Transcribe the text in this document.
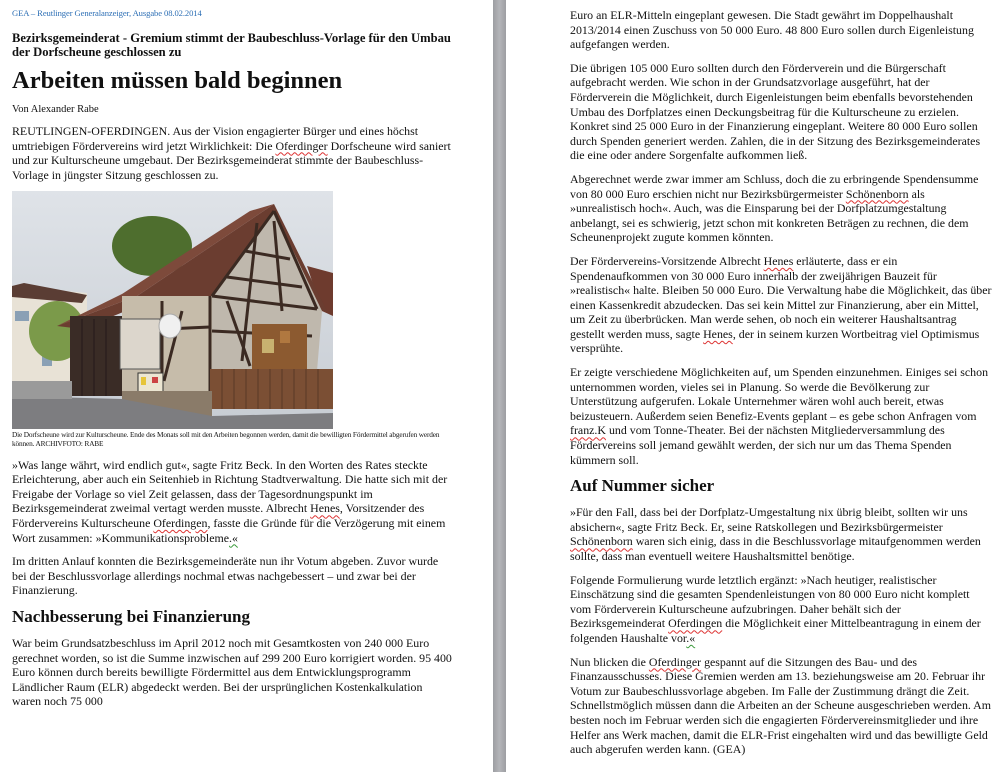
GEA – Reutlinger Generalanzeiger, Ausgabe 08.02.2014
Bezirksgemeinderat - Gremium stimmt der Baubeschluss-Vorlage für den Umbau der Dorfscheune geschlossen zu
Arbeiten müssen bald beginnen
Von Alexander Rabe

REUTLINGEN-OFERDINGEN. Aus der Vision engagierter Bürger und eines höchst umtriebigen Fördervereins wird jetzt Wirklichkeit: Die Oferdinger Dorfscheune wird saniert und zur Kulturscheune umgebaut. Der Bezirksgemeinderat stimmte der Baubeschluss-Vorlage in jüngster Sitzung geschlossen zu.

Die Dorfscheune wird zur Kulturscheune. Ende des Monats soll mit den Arbeiten begonnen werden, damit die bewilligten Fördermittel abgerufen werden können. ARCHIVFOTO: RABE

»Was lange währt, wird endlich gut«, sagte Fritz Beck. In den Worten des Rates steckte Erleichterung, aber auch ein Seitenhieb in Richtung Stadtverwaltung. Die hatte sich mit der Freigabe der Vorlage so viel Zeit gelassen, dass der Tagesordnungspunkt im Bezirksgemeinderat zweimal vertagt werden musste. Albrecht Henes, Vorsitzender des Fördervereins Kulturscheune Oferdingen, fasste die Gründe für die Verzögerung mit einem Wort zusammen: »Kommunikationsprobleme.«

Im dritten Anlauf konnten die Bezirksgemeinderäte nun ihr Votum abgeben. Zuvor wurde bei der Beschlussvorlage allerdings nochmal etwas nachgebessert – und zwar bei der Finanzierung.

Nachbesserung bei Finanzierung

War beim Grundsatzbeschluss im April 2012 noch mit Gesamtkosten von 240 000 Euro gerechnet worden, so ist die Summe inzwischen auf 299 200 Euro korrigiert worden. 95 400 Euro können durch bereits bewilligte Fördermittel aus dem Entwicklungsprogramm Ländlicher Raum (ELR) abgedeckt werden. Bei der ursprünglichen Kostenkalkulation waren noch 75 000

Euro an ELR-Mitteln eingeplant gewesen. Die Stadt gewährt im Doppelhaushalt 2013/2014 einen Zuschuss von 50 000 Euro. 48 800 Euro sollen durch Eigenleistung aufgefangen werden.

Die übrigen 105 000 Euro sollten durch den Förderverein und die Bürgerschaft aufgebracht werden. Wie schon in der Grundsatzvorlage ausgeführt, hat der Förderverein die Möglichkeit, durch Eigenleistungen beim ebenfalls bevorstehenden Umbau des Dorfplatzes einen Deckungsbeitrag für die Kulturscheune zu erzielen. Konkret sind 25 000 Euro in der Finanzierung eingeplant. Weitere 80 000 Euro sollen durch Spenden generiert werden. Zahlen, die in der Sitzung des Bezirksgemeinderates die eine oder andere Sorgenfalte aufkommen ließ.

Abgerechnet werde zwar immer am Schluss, doch die zu erbringende Spendensumme von 80 000 Euro erschien nicht nur Bezirksbürgermeister Schönenborn als »unrealistisch hoch«. Auch, was die Einsparung bei der Dorfplatzumgestaltung anbelangt, sei es schwierig, jetzt schon mit konkreten Beträgen zu rechnen, die dem Scheunenprojekt zugute kommen könnten.

Der Fördervereins-Vorsitzende Albrecht Henes erläuterte, dass er ein Spendenaufkommen von 30 000 Euro innerhalb der zweijährigen Bauzeit für »realistisch« halte. Bleiben 50 000 Euro. Die Verwaltung habe die Möglichkeit, das über einen Kassenkredit abzudecken. Das sei kein Mittel zur Finanzierung, aber ein Mittel, um Zeit zu überbrücken. Man werde sehen, ob noch ein weiterer Haushaltsantrag gestellt werden muss, sagte Henes, der in seinem kurzen Wortbeitrag viel Optimismus versprühte.

Er zeigte verschiedene Möglichkeiten auf, um Spenden einzunehmen. Einiges sei schon unternommen worden, vieles sei in Planung. So werde die Bevölkerung zur Unterstützung aufgerufen. Lokale Unternehmer wären wohl auch bereit, etwas beizusteuern. Außerdem seien Benefiz-Events geplant – es gebe schon Anfragen vom franz.K und vom Tonne-Theater. Bei der nächsten Mitgliederversammlung des Fördervereins soll jemand gewählt werden, der sich nur um das Thema Spenden kümmern soll.

Auf Nummer sicher

»Für den Fall, dass bei der Dorfplatz-Umgestaltung nix übrig bleibt, sollten wir uns absichern«, sagte Fritz Beck. Er, seine Ratskollegen und Bezirksbürgermeister Schönenborn waren sich einig, dass in die Beschlussvorlage mitaufgenommen werden sollte, dass man eventuell weitere Haushaltsmittel benötige.

Folgende Formulierung wurde letztlich ergänzt: »Nach heutiger, realistischer Einschätzung sind die gesamten Spendenleistungen von 80 000 Euro nicht komplett vom Förderverein Kulturscheune aufzubringen. Daher behält sich der Bezirksgemeinderat Oferdingen die Möglichkeit einer Mittelbeantragung in einem der folgenden Haushalte vor.«

Nun blicken die Oferdinger gespannt auf die Sitzungen des Bau- und des Finanzausschusses. Diese Gremien werden am 13. beziehungsweise am 20. Februar ihr Votum zur Baubeschlussvorlage abgeben. Im Falle der Zustimmung drängt die Zeit. Schnellstmöglich müssen dann die Arbeiten an der Scheune ausgeschrieben werden. Am besten noch im Februar werden sich die engagierten Fördervereinsmitglieder und ihre Helfer ans Werk machen, damit die ELR-Frist eingehalten wird und das bewilligte Geld auch abgerufen werden kann. (GEA)
